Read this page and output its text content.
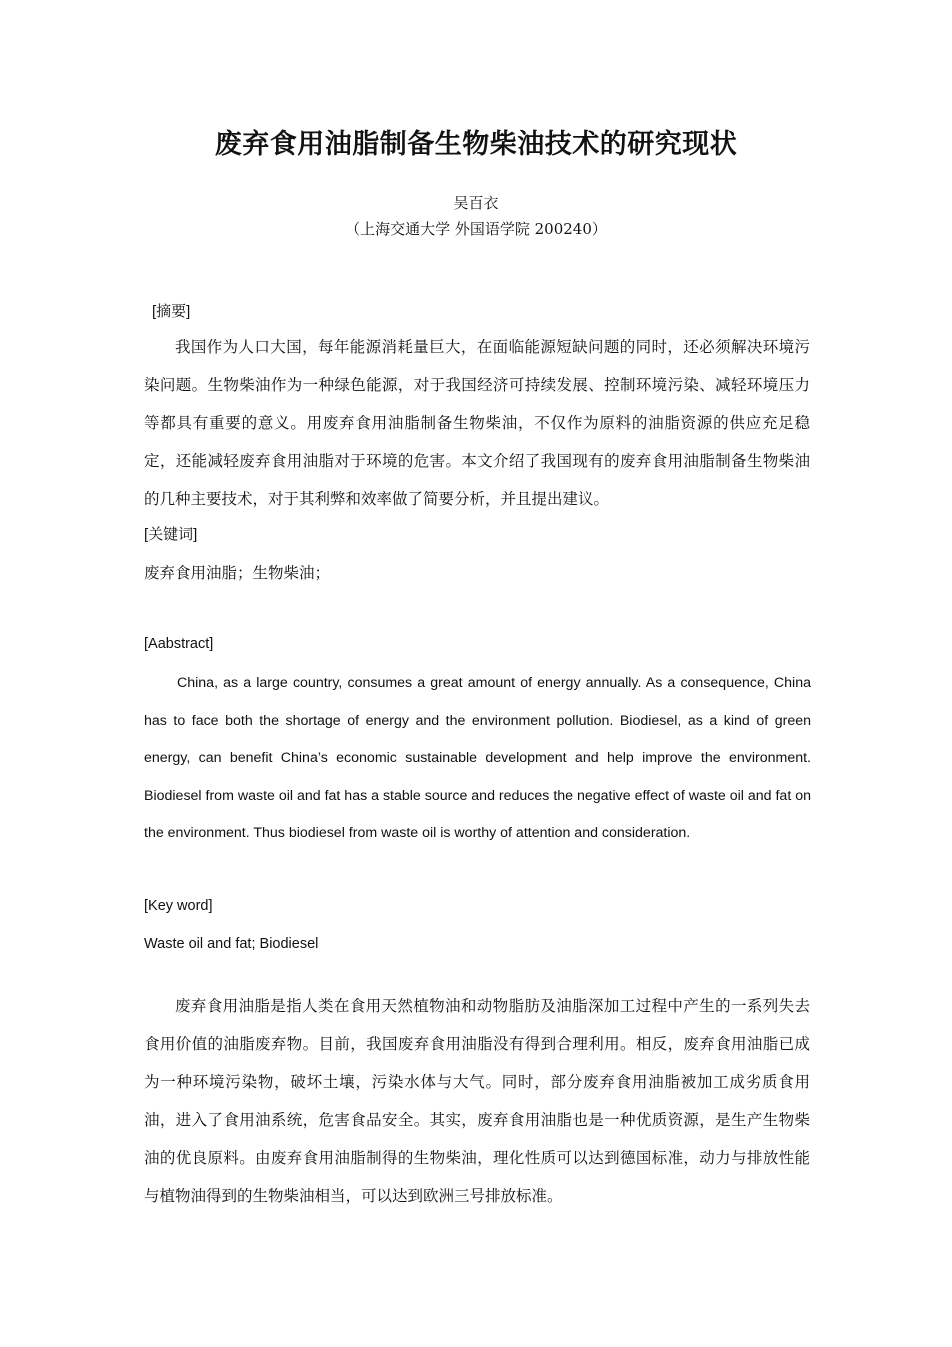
废弃食用油脂制备生物柴油技术的研究现状
吴百衣
（上海交通大学 外国语学院 200240）
[摘要]

我国作为人口大国，每年能源消耗量巨大，在面临能源短缺问题的同时，还必须解决环境污染问题。生物柴油作为一种绿色能源，对于我国经济可持续发展、控制环境污染、减轻环境压力等都具有重要的意义。用废弃食用油脂制备生物柴油，不仅作为原料的油脂资源的供应充足稳定，还能减轻废弃食用油脂对于环境的危害。本文介绍了我国现有的废弃食用油脂制备生物柴油的几种主要技术，对于其利弊和效率做了简要分析，并且提出建议。

[关键词]
废弃食用油脂；生物柴油；
[Aabstract]

China, as a large country, consumes a great amount of energy annually. As a consequence, China has to face both the shortage of energy and the environment pollution. Biodiesel, as a kind of green energy, can benefit China’s economic sustainable development and help improve the environment. Biodiesel from waste oil and fat has a stable source and reduces the negative effect of waste oil and fat on the environment. Thus biodiesel from waste oil is worthy of attention and consideration.

[Key word]
Waste oil and fat; Biodiesel

废弃食用油脂是指人类在食用天然植物油和动物脂肪及油脂深加工过程中产生的一系列失去食用价值的油脂废弃物。目前，我国废弃食用油脂没有得到合理利用。相反，废弃食用油脂已成为一种环境污染物，破坏土壤，污染水体与大气。同时，部分废弃食用油脂被加工成劣质食用油，进入了食用油系统，危害食品安全。其实，废弃食用油脂也是一种优质资源，是生产生物柴油的优良原料。由废弃食用油脂制得的生物柴油，理化性质可以达到德国标准，动力与排放性能与植物油得到的生物柴油相当，可以达到欧洲三号排放标准。
